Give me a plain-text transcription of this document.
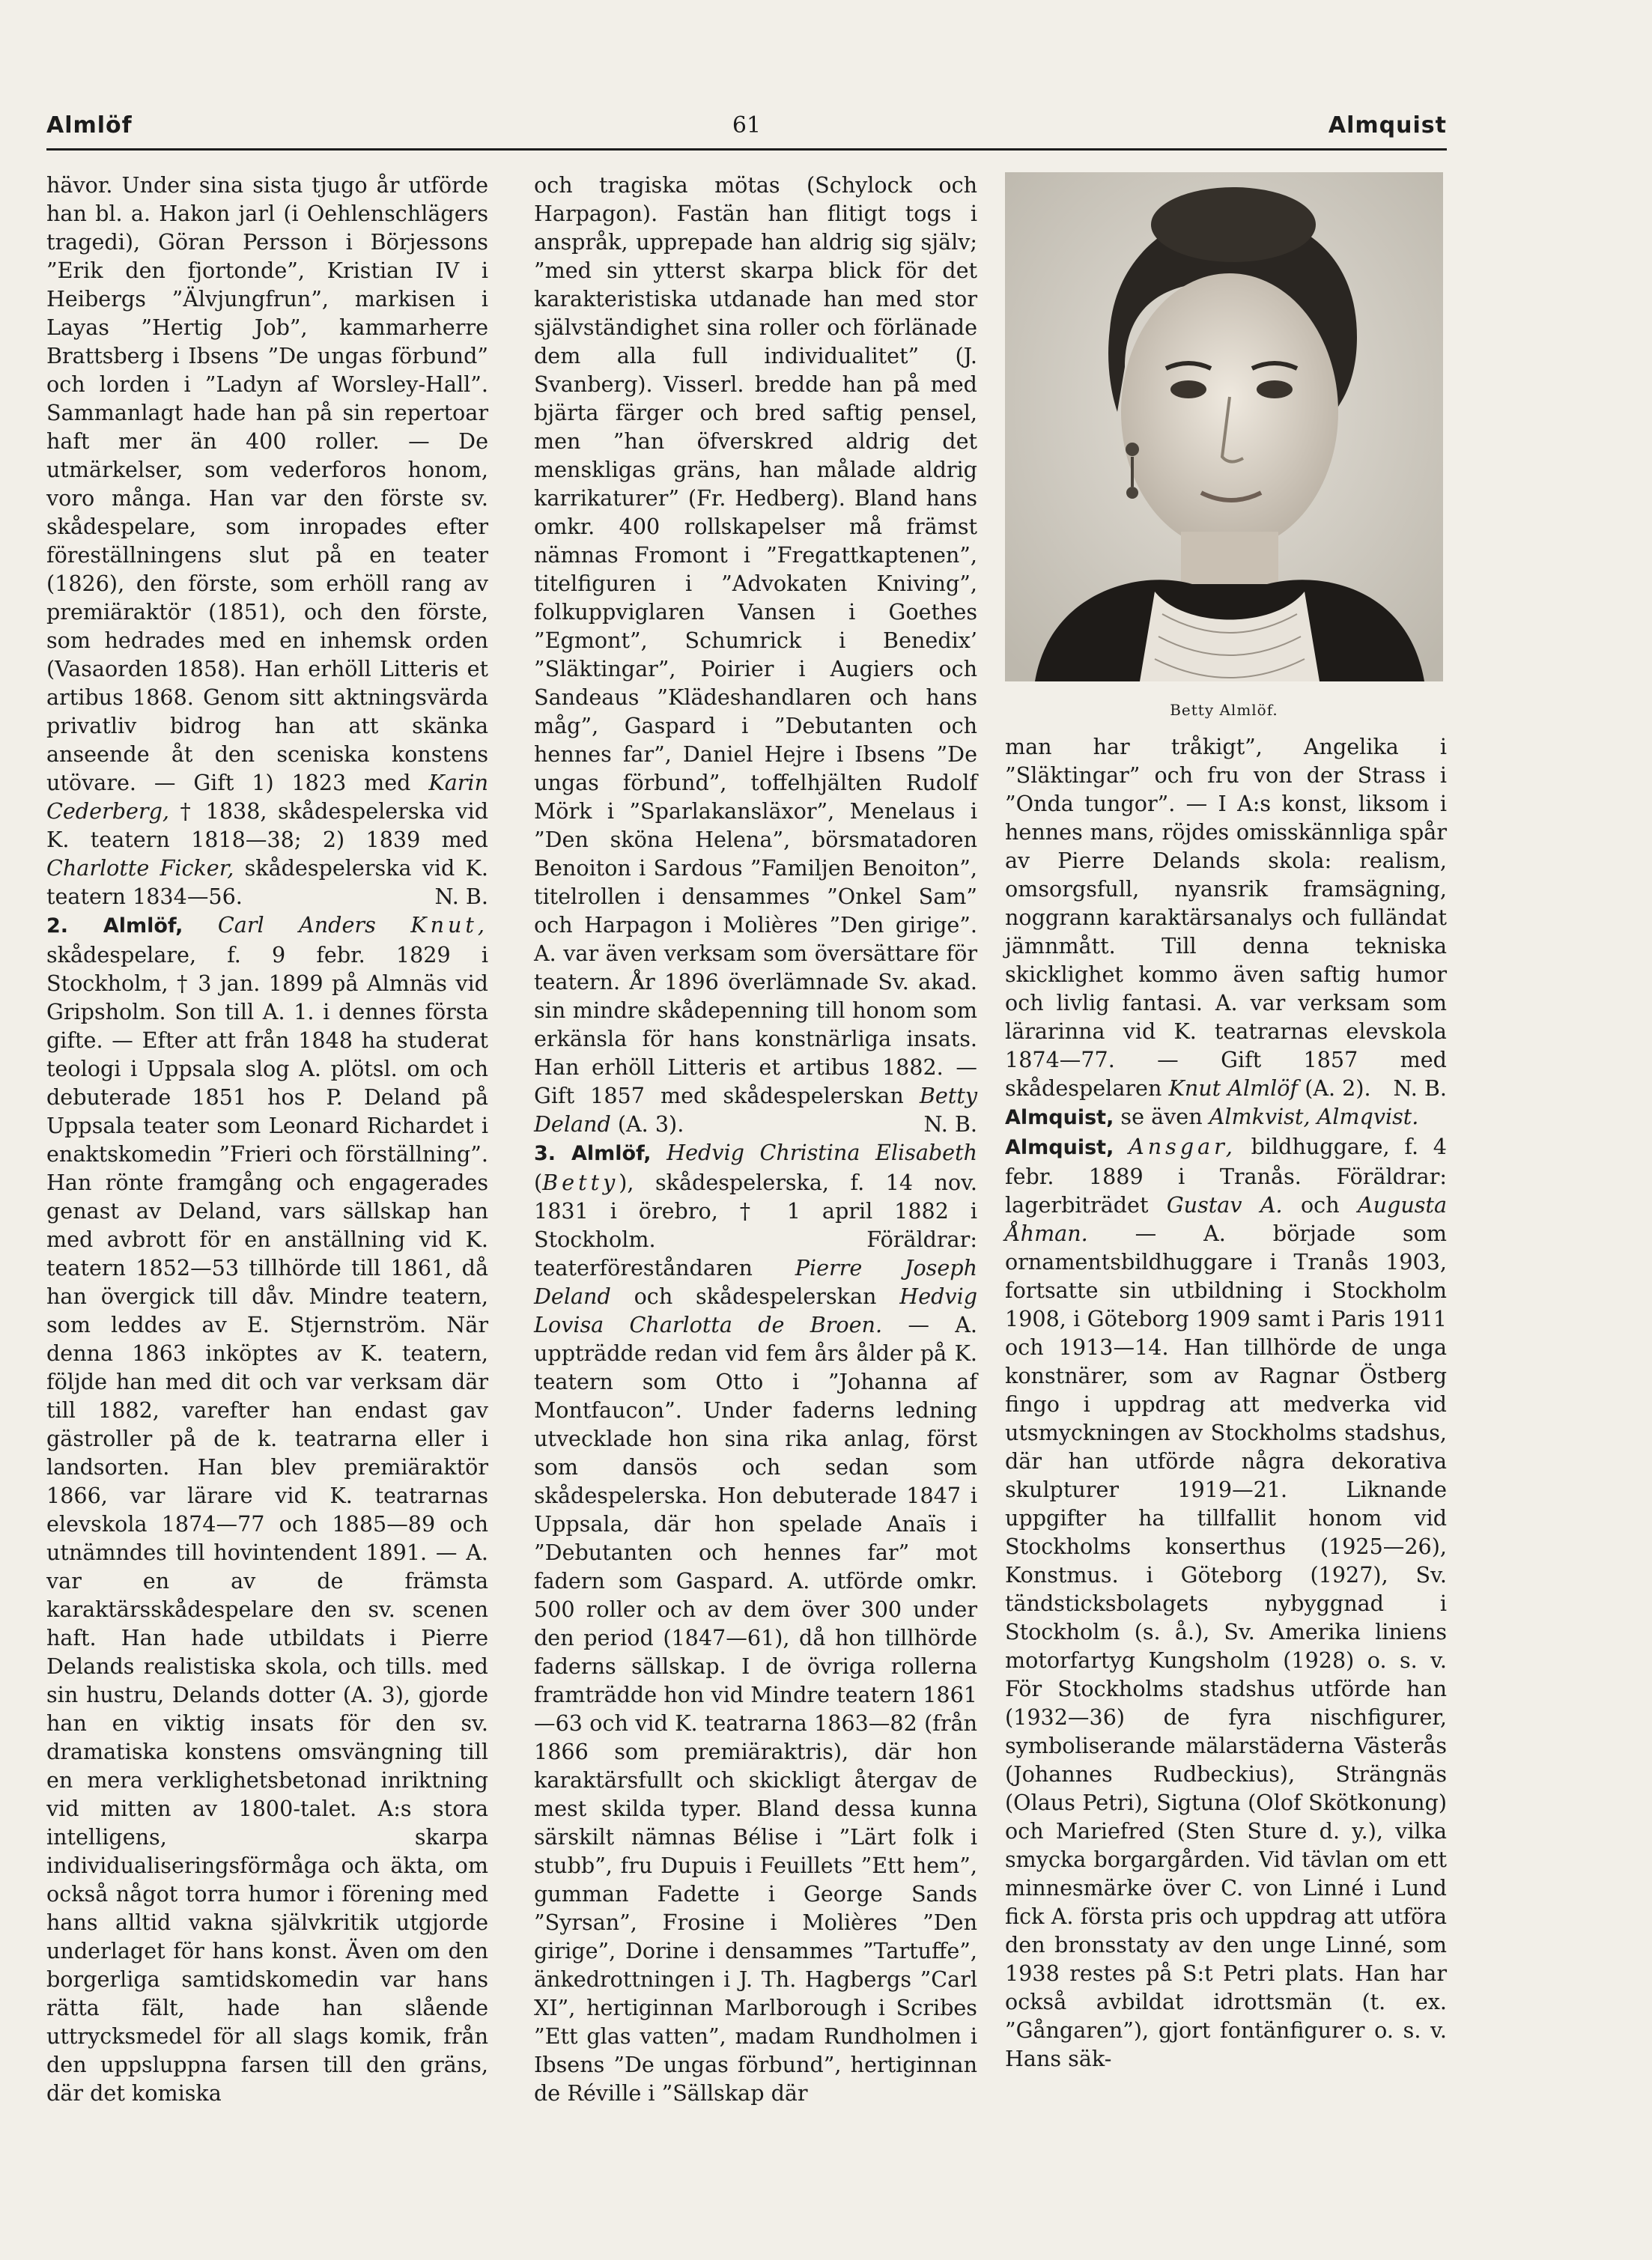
Almlöf	61	Almquist

hävor. Under sina sista tjugo år utförde han bl. a. Hakon jarl (i Oehlenschlägers tragedi), Göran Persson i Börjessons ”Erik den fjortonde”, Kristian IV i Heibergs ”Älvjungfrun”, markisen i Layas ”Hertig Job”, kammarherre Brattsberg i Ibsens ”De ungas förbund” och lorden i ”Ladyn af Worsley-Hall”. Sammanlagt hade han på sin repertoar haft mer än 400 roller. — De utmärkelser, som vederforos honom, voro många. Han var den förste sv. skådespelare, som inropades efter föreställningens slut på en teater (1826), den förste, som erhöll rang av premiäraktör (1851), och den förste, som hedrades med en inhemsk orden (Vasaorden 1858). Han erhöll Litteris et artibus 1868. Genom sitt aktningsvärda privatliv bidrog han att skänka anseende åt den sceniska konstens utövare. — Gift 1) 1823 med Karin Cederberg, † 1838, skådespelerska vid K. teatern 1818—38; 2) 1839 med Charlotte Ficker, skådespelerska vid K. teatern 1834—56.	N. B.

2. Almlöf, Carl Anders Knut, skådespelare, f. 9 febr. 1829 i Stockholm, † 3 jan. 1899 på Almnäs vid Gripsholm. Son till A. 1. i dennes första gifte. — Efter att från 1848 ha studerat teologi i Uppsala slog A. plötsl. om och debuterade 1851 hos P. Deland på Uppsala teater som Leonard Richardet i enaktskomedin ”Frieri och förställning”. Han rönte framgång och engagerades genast av Deland, vars sällskap han med avbrott för en anställning vid K. teatern 1852—53 tillhörde till 1861, då han övergick till dåv. Mindre teatern, som leddes av E. Stjernström. När denna 1863 inköptes av K. teatern, följde han med dit och var verksam där till 1882, varefter han endast gav gästroller på de k. teatrarna eller i landsorten. Han blev premiäraktör 1866, var lärare vid K. teatrarnas elevskola 1874—77 och 1885—89 och utnämndes till hovintendent 1891. — A. var en av de främsta karaktärsskådespelare den sv. scenen haft. Han hade utbildats i Pierre Delands realistiska skola, och tills. med sin hustru, Delands dotter (A. 3), gjorde han en viktig insats för den sv. dramatiska konstens omsvängning till en mera verklighetsbetonad inriktning vid mitten av 1800-talet. A:s stora intelligens, skarpa individualiseringsförmåga och äkta, om också något torra humor i förening med hans alltid vakna självkritik utgjorde underlaget för hans konst. Även om den borgerliga samtidskomedin var hans rätta fält, hade han slående uttrycksmedel för all slags komik, från den uppsluppna farsen till den gräns, där det komiska

och tragiska mötas (Schylock och Harpagon). Fastän han flitigt togs i anspråk, upprepade han aldrig sig själv; ”med sin ytterst skarpa blick för det karakteristiska utdanade han med stor självständighet sina roller och förlänade dem alla full individualitet” (J. Svanberg). Visserl. bredde han på med bjärta färger och bred saftig pensel, men ”han öfverskred aldrig det menskligas gräns, han målade aldrig karrikaturer” (Fr. Hedberg). Bland hans omkr. 400 rollskapelser må främst nämnas Fromont i ”Fregattkaptenen”, titelfiguren i ”Advokaten Kniving”, folkuppviglaren Vansen i Goethes ”Egmont”, Schumrick i Benedix’ ”Släktingar”, Poirier i Augiers och Sandeaus ”Klädeshandlaren och hans måg”, Gaspard i ”Debutanten och hennes far”, Daniel Hejre i Ibsens ”De ungas förbund”, toffelhjälten Rudolf Mörk i ”Sparlakansläxor”, Menelaus i ”Den sköna Helena”, börsmatadoren Benoiton i Sardous ”Familjen Benoiton”, titelrollen i densammes ”Onkel Sam” och Harpagon i Molières ”Den girige”. A. var även verksam som översättare för teatern. År 1896 överlämnade Sv. akad. sin mindre skådepenning till honom som erkänsla för hans konstnärliga insats. Han erhöll Litteris et artibus 1882. — Gift 1857 med skådespelerskan Betty Deland (A. 3).	N. B.

3. Almlöf, Hedvig Christina Elisabeth (Betty), skådespelerska, f. 14 nov. 1831 i örebro, † 1 april 1882 i Stockholm. Föräldrar: teaterföreståndaren Pierre Joseph Deland och skådespelerskan Hedvig Lovisa Charlotta de Broen. — A. uppträdde redan vid fem års ålder på K. teatern som Otto i ”Johanna af Montfaucon”. Under faderns ledning utvecklade hon sina rika anlag, först som dansös och sedan som skådespelerska. Hon debuterade 1847 i Uppsala, där hon spelade Anaïs i ”Debutanten och hennes far” mot fadern som Gaspard. A. utförde omkr. 500 roller och av dem över 300 under den period (1847—61), då hon tillhörde faderns sällskap. I de övriga rollerna framträdde hon vid Mindre teatern 1861—63 och vid K. teatrarna 1863—82 (från 1866 som premiäraktris), där hon karaktärsfullt och skickligt återgav de mest skilda typer. Bland dessa kunna särskilt nämnas Bélise i ”Lärt folk i stubb”, fru Dupuis i Feuillets ”Ett hem”, gumman Fadette i George Sands ”Syrsan”, Frosine i Molières ”Den girige”, Dorine i densammes ”Tartuffe”, änkedrottningen i J. Th. Hagbergs ”Carl XI”, hertiginnan Marlborough i Scribes ”Ett glas vatten”, madam Rundholmen i Ibsens ”De ungas förbund”, hertiginnan de Réville i ”Sällskap där

Betty Almlöf.

man har tråkigt”, Angelika i ”Släktingar” och fru von der Strass i ”Onda tungor”. — I A:s konst, liksom i hennes mans, röjdes omisskännliga spår av Pierre Delands skola: realism, omsorgsfull, nyansrik framsägning, noggrann karaktärsanalys och fulländat jämnmått. Till denna tekniska skicklighet kommo även saftig humor och livlig fantasi. A. var verksam som lärarinna vid K. teatrarnas elevskola 1874—77. — Gift 1857 med skådespelaren Knut Almlöf (A. 2). N. B.

Almquist, se även Almkvist, Almqvist.

Almquist, Ansgar, bildhuggare, f. 4 febr. 1889 i Tranås. Föräldrar: lagerbiträdet Gustav A. och Augusta Åhman. — A. började som ornamentsbildhuggare i Tranås 1903, fortsatte sin utbildning i Stockholm 1908, i Göteborg 1909 samt i Paris 1911 och 1913—14. Han tillhörde de unga konstnärer, som av Ragnar Östberg fingo i uppdrag att medverka vid utsmyckningen av Stockholms stadshus, där han utförde några dekorativa skulpturer 1919—21. Liknande uppgifter ha tillfallit honom vid Stockholms konserthus (1925—26), Konstmus. i Göteborg (1927), Sv. tändsticksbolagets nybyggnad i Stockholm (s. å.), Sv. Amerika liniens motorfartyg Kungsholm (1928) o. s. v. För Stockholms stadshus utförde han (1932—36) de fyra nischfigurer, symboliserande mälarstäderna Västerås (Johannes Rudbeckius), Strängnäs (Olaus Petri), Sigtuna (Olof Skötkonung) och Mariefred (Sten Sture d. y.), vilka smycka borgargården. Vid tävlan om ett minnesmärke över C. von Linné i Lund fick A. första pris och uppdrag att utföra den bronsstaty av den unge Linné, som 1938 restes på S:t Petri plats. Han har också avbildat idrottsmän (t. ex. ”Gångaren”), gjort fontänfigurer o. s. v. Hans säk-
